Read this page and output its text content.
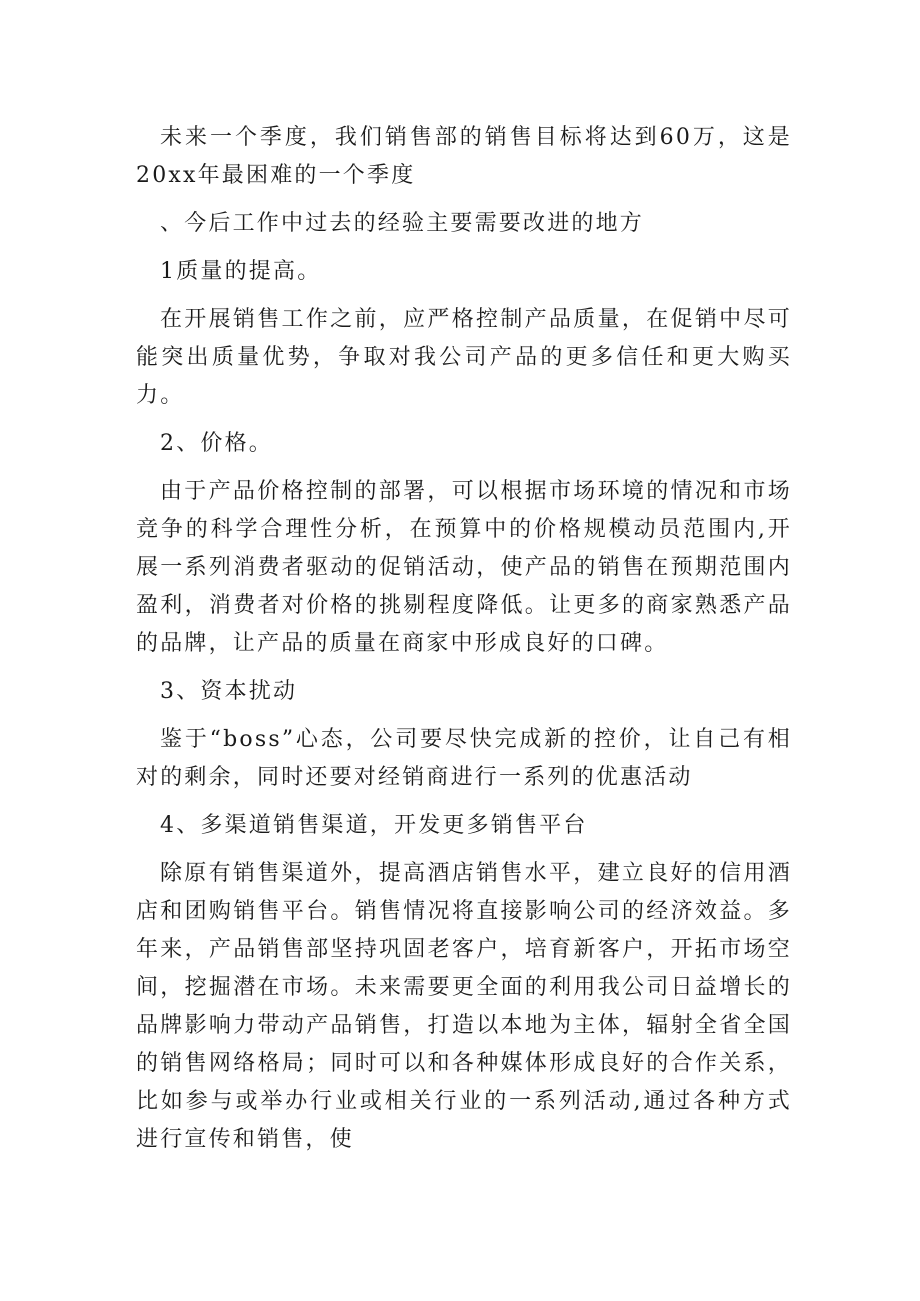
未来一个季度，我们销售部的销售目标将达到60万，这是20xx年最困难的一个季度

、今后工作中过去的经验主要需要改进的地方

1质量的提高。

在开展销售工作之前，应严格控制产品质量，在促销中尽可能突出质量优势，争取对我公司产品的更多信任和更大购买力。

2、价格。

由于产品价格控制的部署，可以根据市场环境的情况和市场竞争的科学合理性分析，在预算中的价格规模动员范围内,开展一系列消费者驱动的促销活动，使产品的销售在预期范围内盈利，消费者对价格的挑剔程度降低。让更多的商家熟悉产品的品牌，让产品的质量在商家中形成良好的口碑。

3、资本扰动

鉴于“boss”心态，公司要尽快完成新的控价，让自己有相对的剩余，同时还要对经销商进行一系列的优惠活动

4、多渠道销售渠道，开发更多销售平台

除原有销售渠道外，提高酒店销售水平，建立良好的信用酒店和团购销售平台。销售情况将直接影响公司的经济效益。多年来，产品销售部坚持巩固老客户，培育新客户，开拓市场空间，挖掘潜在市场。未来需要更全面的利用我公司日益增长的品牌影响力带动产品销售，打造以本地为主体，辐射全省全国的销售网络格局；同时可以和各种媒体形成良好的合作关系，比如参与或举办行业或相关行业的一系列活动,通过各种方式进行宣传和销售，使
